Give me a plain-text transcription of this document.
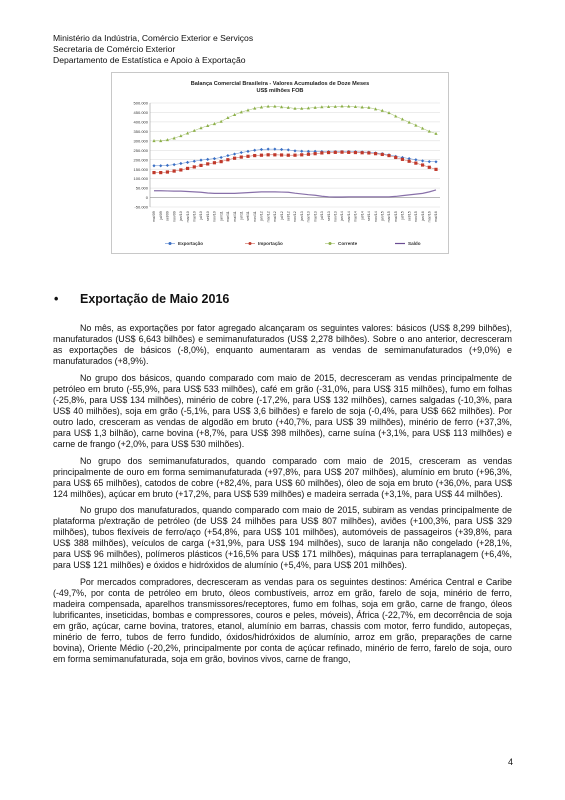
Ministério da Indústria, Comércio Exterior e Serviços
Secretaria de Comércio Exterior
Departamento de Estatística e Apoio à Exportação
Balança Comercial Brasileira - Valores Acumulados de Doze Meses
US$ milhões FOB
500.000
450.000
400.000
350.000
300.000
250.000
200.000
150.000
100.000
50.000
0
-50.000
mai/09 jul/09 set/09 nov/09 jan/10 mar/10 mai/10 jul/10 set/10 nov/10 jan/11 mar/11 mai/11 jul/11 set/11 nov/11 jan/12 mar/12 mai/12 jul/12 set/12 nov/12 jan/13 mar/13 mai/13 jul/13 set/13 nov/13 jan/14 mar/14 mai/14 jul/14 set/14 nov/14 jan/15 mar/15 mai/15 jul/15 set/15 nov/15 jan/16 mar/16 mai/16
Exportação	Importação	Corrente	Saldo
• Exportação de Maio 2016

No mês, as exportações por fator agregado alcançaram os seguintes valores: básicos (US$ 8,299 bilhões), manufaturados (US$ 6,643 bilhões) e semimanufaturados (US$ 2,278 bilhões). Sobre o ano anterior, decresceram as exportações de básicos (-8,0%), enquanto aumentaram as vendas de semimanufaturados (+9,0%) e manufaturados (+8,9%).

No grupo dos básicos, quando comparado com maio de 2015, decresceram as vendas principalmente de petróleo em bruto (-55,9%, para US$ 533 milhões), café em grão (-31,0%, para US$ 315 milhões), fumo em folhas (-25,8%, para US$ 134 milhões), minério de cobre (-17,2%, para US$ 132 milhões), carnes salgadas (-10,3%, para US$ 40 milhões), soja em grão (-5,1%, para US$ 3,6 bilhões) e farelo de soja (-0,4%, para US$ 662 milhões). Por outro lado, cresceram as vendas de algodão em bruto (+40,7%, para US$ 39 milhões), minério de ferro (+37,3%, para US$ 1,3 bilhão), carne bovina (+8,7%, para US$ 398 milhões), carne suína (+3,1%, para US$ 113 milhões) e carne de frango (+2,0%, para US$ 530 milhões).

No grupo dos semimanufaturados, quando comparado com maio de 2015, cresceram as vendas principalmente de ouro em forma semimanufaturada (+97,8%, para US$ 207 milhões), alumínio em bruto (+96,3%, para US$ 65 milhões), catodos de cobre (+82,4%, para US$ 60 milhões), óleo de soja em bruto (+36,0%, para US$ 124 milhões), açúcar em bruto (+17,2%, para US$ 539 milhões) e madeira serrada (+3,1%, para US$ 44 milhões).

No grupo dos manufaturados, quando comparado com maio de 2015, subiram as vendas principalmente de plataforma p/extração de petróleo (de US$ 24 milhões para US$ 807 milhões), aviões (+100,3%, para US$ 329 milhões), tubos flexíveis de ferro/aço (+54,8%, para US$ 101 milhões), automóveis de passageiros (+39,8%, para US$ 388 milhões), veículos de carga (+31,9%, para US$ 194 milhões), suco de laranja não congelado (+28,1%, para US$ 96 milhões), polímeros plásticos (+16,5% para US$ 171 milhões), máquinas para terraplanagem (+6,4%, para US$ 121 milhões) e óxidos e hidróxidos de alumínio (+5,4%, para US$ 201 milhões).

Por mercados compradores, decresceram as vendas para os seguintes destinos: América Central e Caribe (-49,7%, por conta de petróleo em bruto, óleos combustíveis, arroz em grão, farelo de soja, minério de ferro, madeira compensada, aparelhos transmissores/receptores, fumo em folhas, soja em grão, carne de frango, óleos lubrificantes, inseticidas, bombas e compressores, couros e peles, móveis), África (-22,7%, em decorrência de soja em grão, açúcar, carne bovina, tratores, etanol, alumínio em barras, chassis com motor, ferro fundido, autopeças, minério de ferro, tubos de ferro fundido, óxidos/hidróxidos de alumínio, arroz em grão, preparações de carne bovina), Oriente Médio (-20,2%, principalmente por conta de açúcar refinado, minério de ferro, farelo de soja, ouro em forma semimanufaturada, soja em grão, bovinos vivos, carne de frango,

4
